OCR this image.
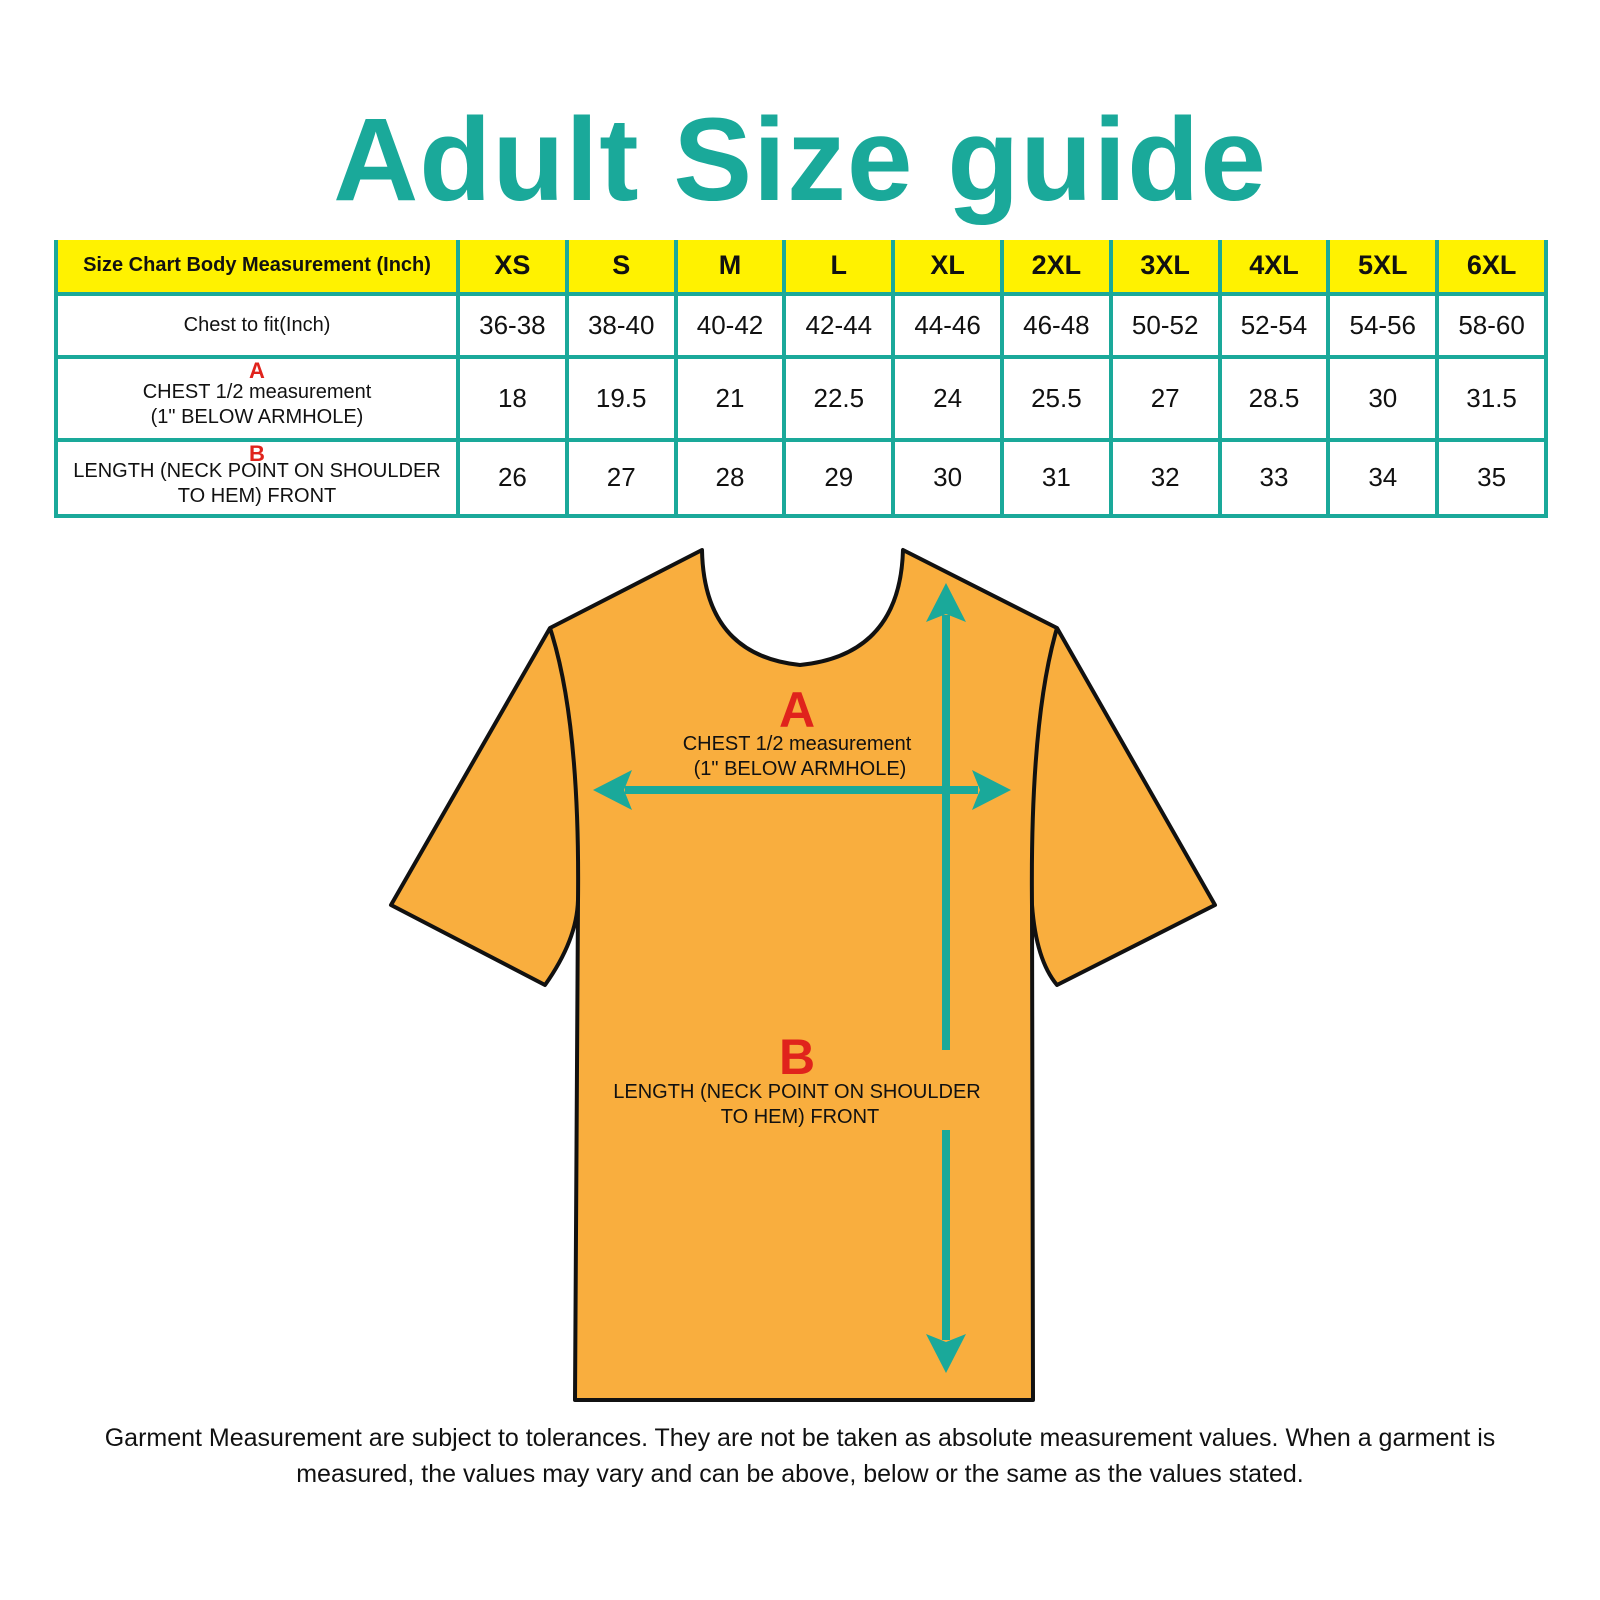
Adult Size guide
Size Chart Body Measurement (Inch)	XS	S	M	L	XL	2XL	3XL	4XL	5XL	6XL

Chest to fit(Inch)	36-38	38-40	40-42	42-44	44-46	46-48	50-52	52-54	54-56	58-60

A
CHEST 1/2 measurement
(1" BELOW ARMHOLE)	18	19.5	21	22.5	24	25.5	27	28.5	30	31.5

B
LENGTH (NECK POINT ON SHOULDER
TO HEM) FRONT	26	27	28	29	30	31	32	33	34	35
A
CHEST 1/2 measurement
(1" BELOW ARMHOLE)
B
LENGTH (NECK POINT ON SHOULDER
TO HEM) FRONT
Garment Measurement are subject to tolerances. They are not be taken as absolute measurement values. When a garment is
measured, the values may vary and can be above, below or the same as the values stated.
